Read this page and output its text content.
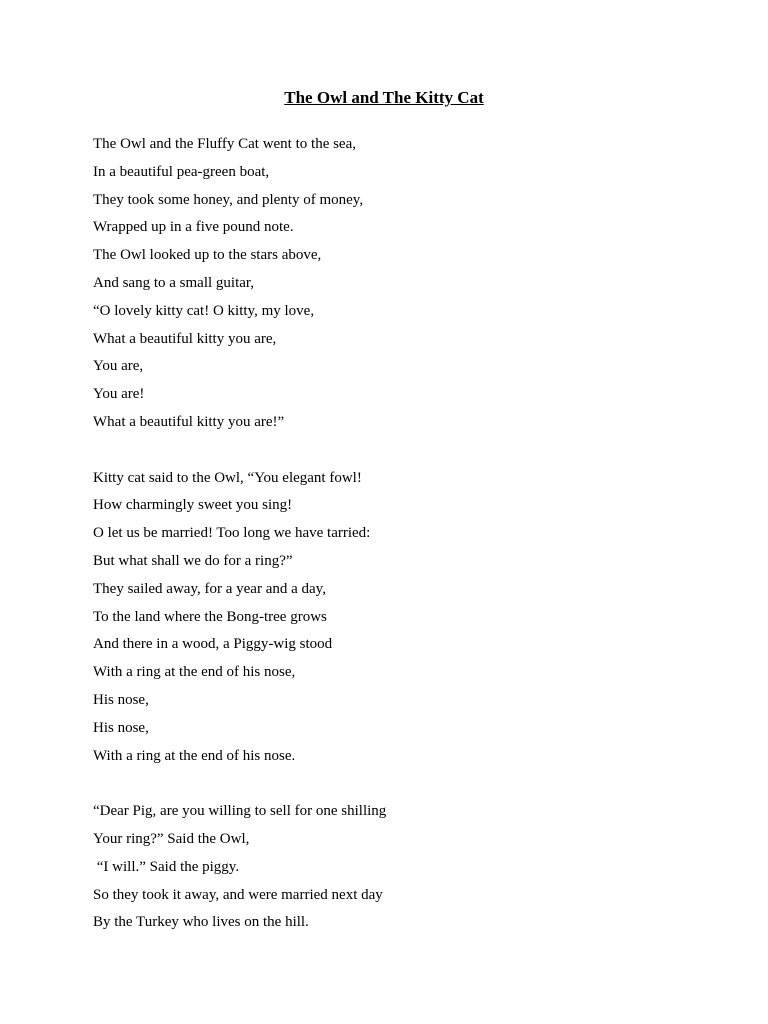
The Owl and The Kitty Cat
The Owl and the Fluffy Cat went to the sea,
In a beautiful pea-green boat,
They took some honey, and plenty of money,
Wrapped up in a five pound note.
The Owl looked up to the stars above,
And sang to a small guitar,
“O lovely kitty cat! O kitty, my love,
What a beautiful kitty you are,
You are,
You are!
What a beautiful kitty you are!”
Kitty cat said to the Owl, “You elegant fowl!
How charmingly sweet you sing!
O let us be married! Too long we have tarried:
But what shall we do for a ring?”
They sailed away, for a year and a day,
To the land where the Bong-tree grows
And there in a wood, a Piggy-wig stood
With a ring at the end of his nose,
His nose,
His nose,
With a ring at the end of his nose.
“Dear Pig, are you willing to sell for one shilling
Your ring?” Said the Owl,
“I will.” Said the piggy.
So they took it away, and were married next day
By the Turkey who lives on the hill.
